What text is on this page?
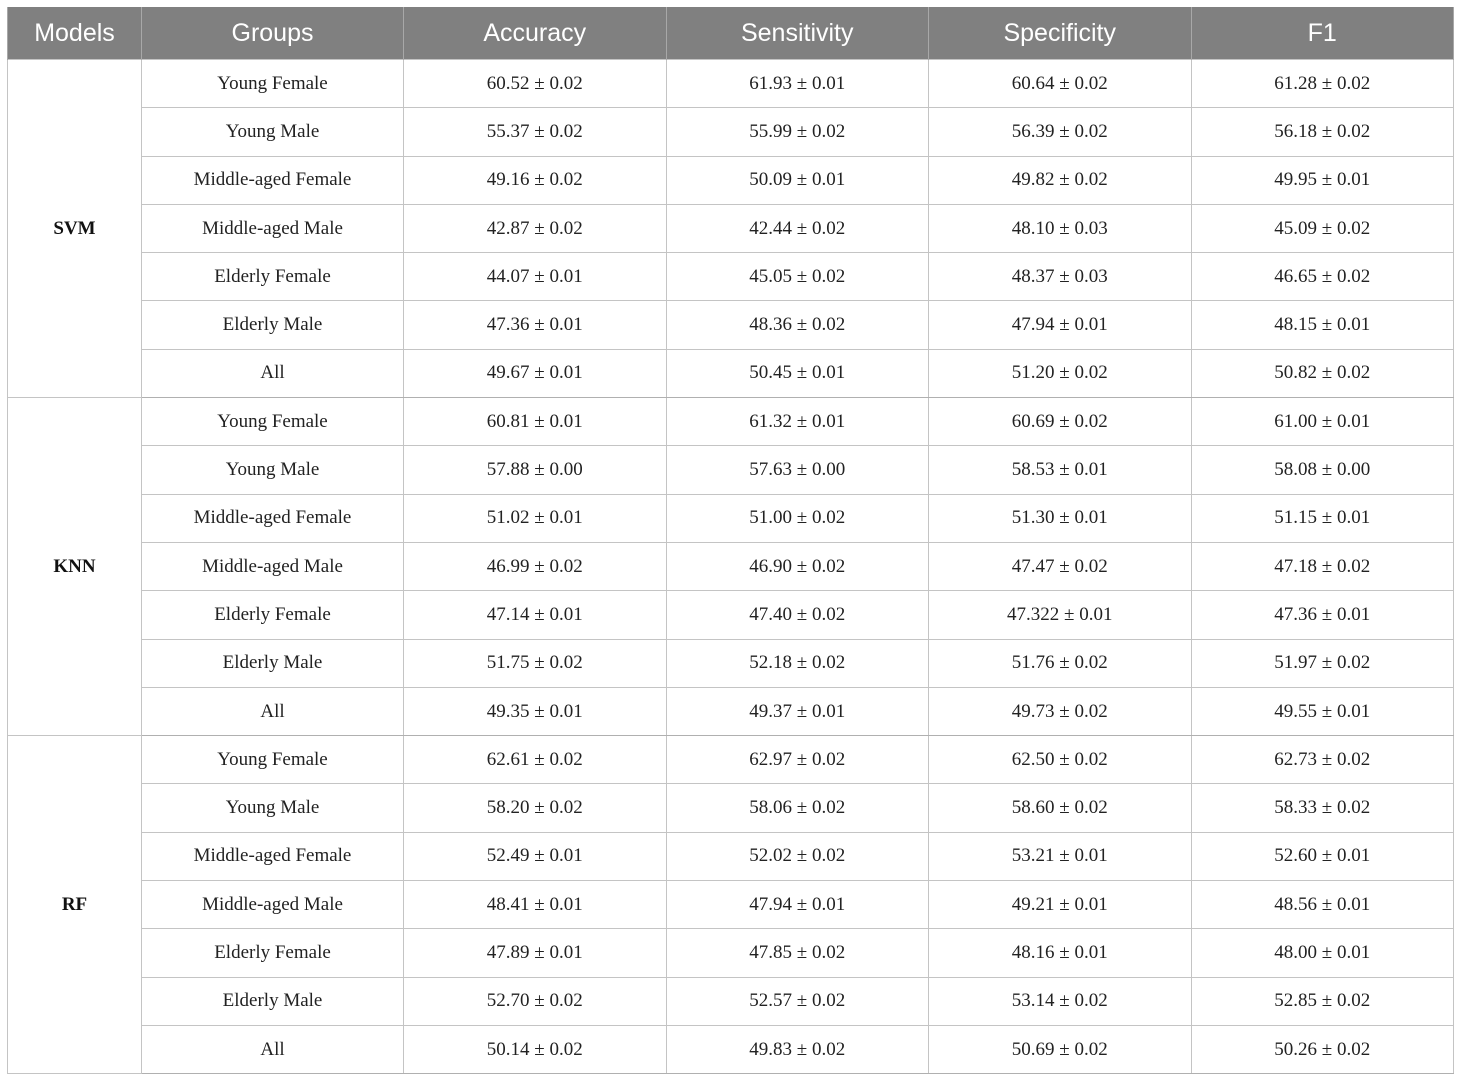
Models	Groups	Accuracy	Sensitivity	Specificity	F1
SVM	Young Female	60.52 ± 0.02	61.93 ± 0.01	60.64 ± 0.02	61.28 ± 0.02
	Young Male	55.37 ± 0.02	55.99 ± 0.02	56.39 ± 0.02	56.18 ± 0.02
	Middle-aged Female	49.16 ± 0.02	50.09 ± 0.01	49.82 ± 0.02	49.95 ± 0.01
	Middle-aged Male	42.87 ± 0.02	42.44 ± 0.02	48.10 ± 0.03	45.09 ± 0.02
	Elderly Female	44.07 ± 0.01	45.05 ± 0.02	48.37 ± 0.03	46.65 ± 0.02
	Elderly Male	47.36 ± 0.01	48.36 ± 0.02	47.94 ± 0.01	48.15 ± 0.01
	All	49.67 ± 0.01	50.45 ± 0.01	51.20 ± 0.02	50.82 ± 0.02
KNN	Young Female	60.81 ± 0.01	61.32 ± 0.01	60.69 ± 0.02	61.00 ± 0.01
	Young Male	57.88 ± 0.00	57.63 ± 0.00	58.53 ± 0.01	58.08 ± 0.00
	Middle-aged Female	51.02 ± 0.01	51.00 ± 0.02	51.30 ± 0.01	51.15 ± 0.01
	Middle-aged Male	46.99 ± 0.02	46.90 ± 0.02	47.47 ± 0.02	47.18 ± 0.02
	Elderly Female	47.14 ± 0.01	47.40 ± 0.02	47.322 ± 0.01	47.36 ± 0.01
	Elderly Male	51.75 ± 0.02	52.18 ± 0.02	51.76 ± 0.02	51.97 ± 0.02
	All	49.35 ± 0.01	49.37 ± 0.01	49.73 ± 0.02	49.55 ± 0.01
RF	Young Female	62.61 ± 0.02	62.97 ± 0.02	62.50 ± 0.02	62.73 ± 0.02
	Young Male	58.20 ± 0.02	58.06 ± 0.02	58.60 ± 0.02	58.33 ± 0.02
	Middle-aged Female	52.49 ± 0.01	52.02 ± 0.02	53.21 ± 0.01	52.60 ± 0.01
	Middle-aged Male	48.41 ± 0.01	47.94 ± 0.01	49.21 ± 0.01	48.56 ± 0.01
	Elderly Female	47.89 ± 0.01	47.85 ± 0.02	48.16 ± 0.01	48.00 ± 0.01
	Elderly Male	52.70 ± 0.02	52.57 ± 0.02	53.14 ± 0.02	52.85 ± 0.02
	All	50.14 ± 0.02	49.83 ± 0.02	50.69 ± 0.02	50.26 ± 0.02
